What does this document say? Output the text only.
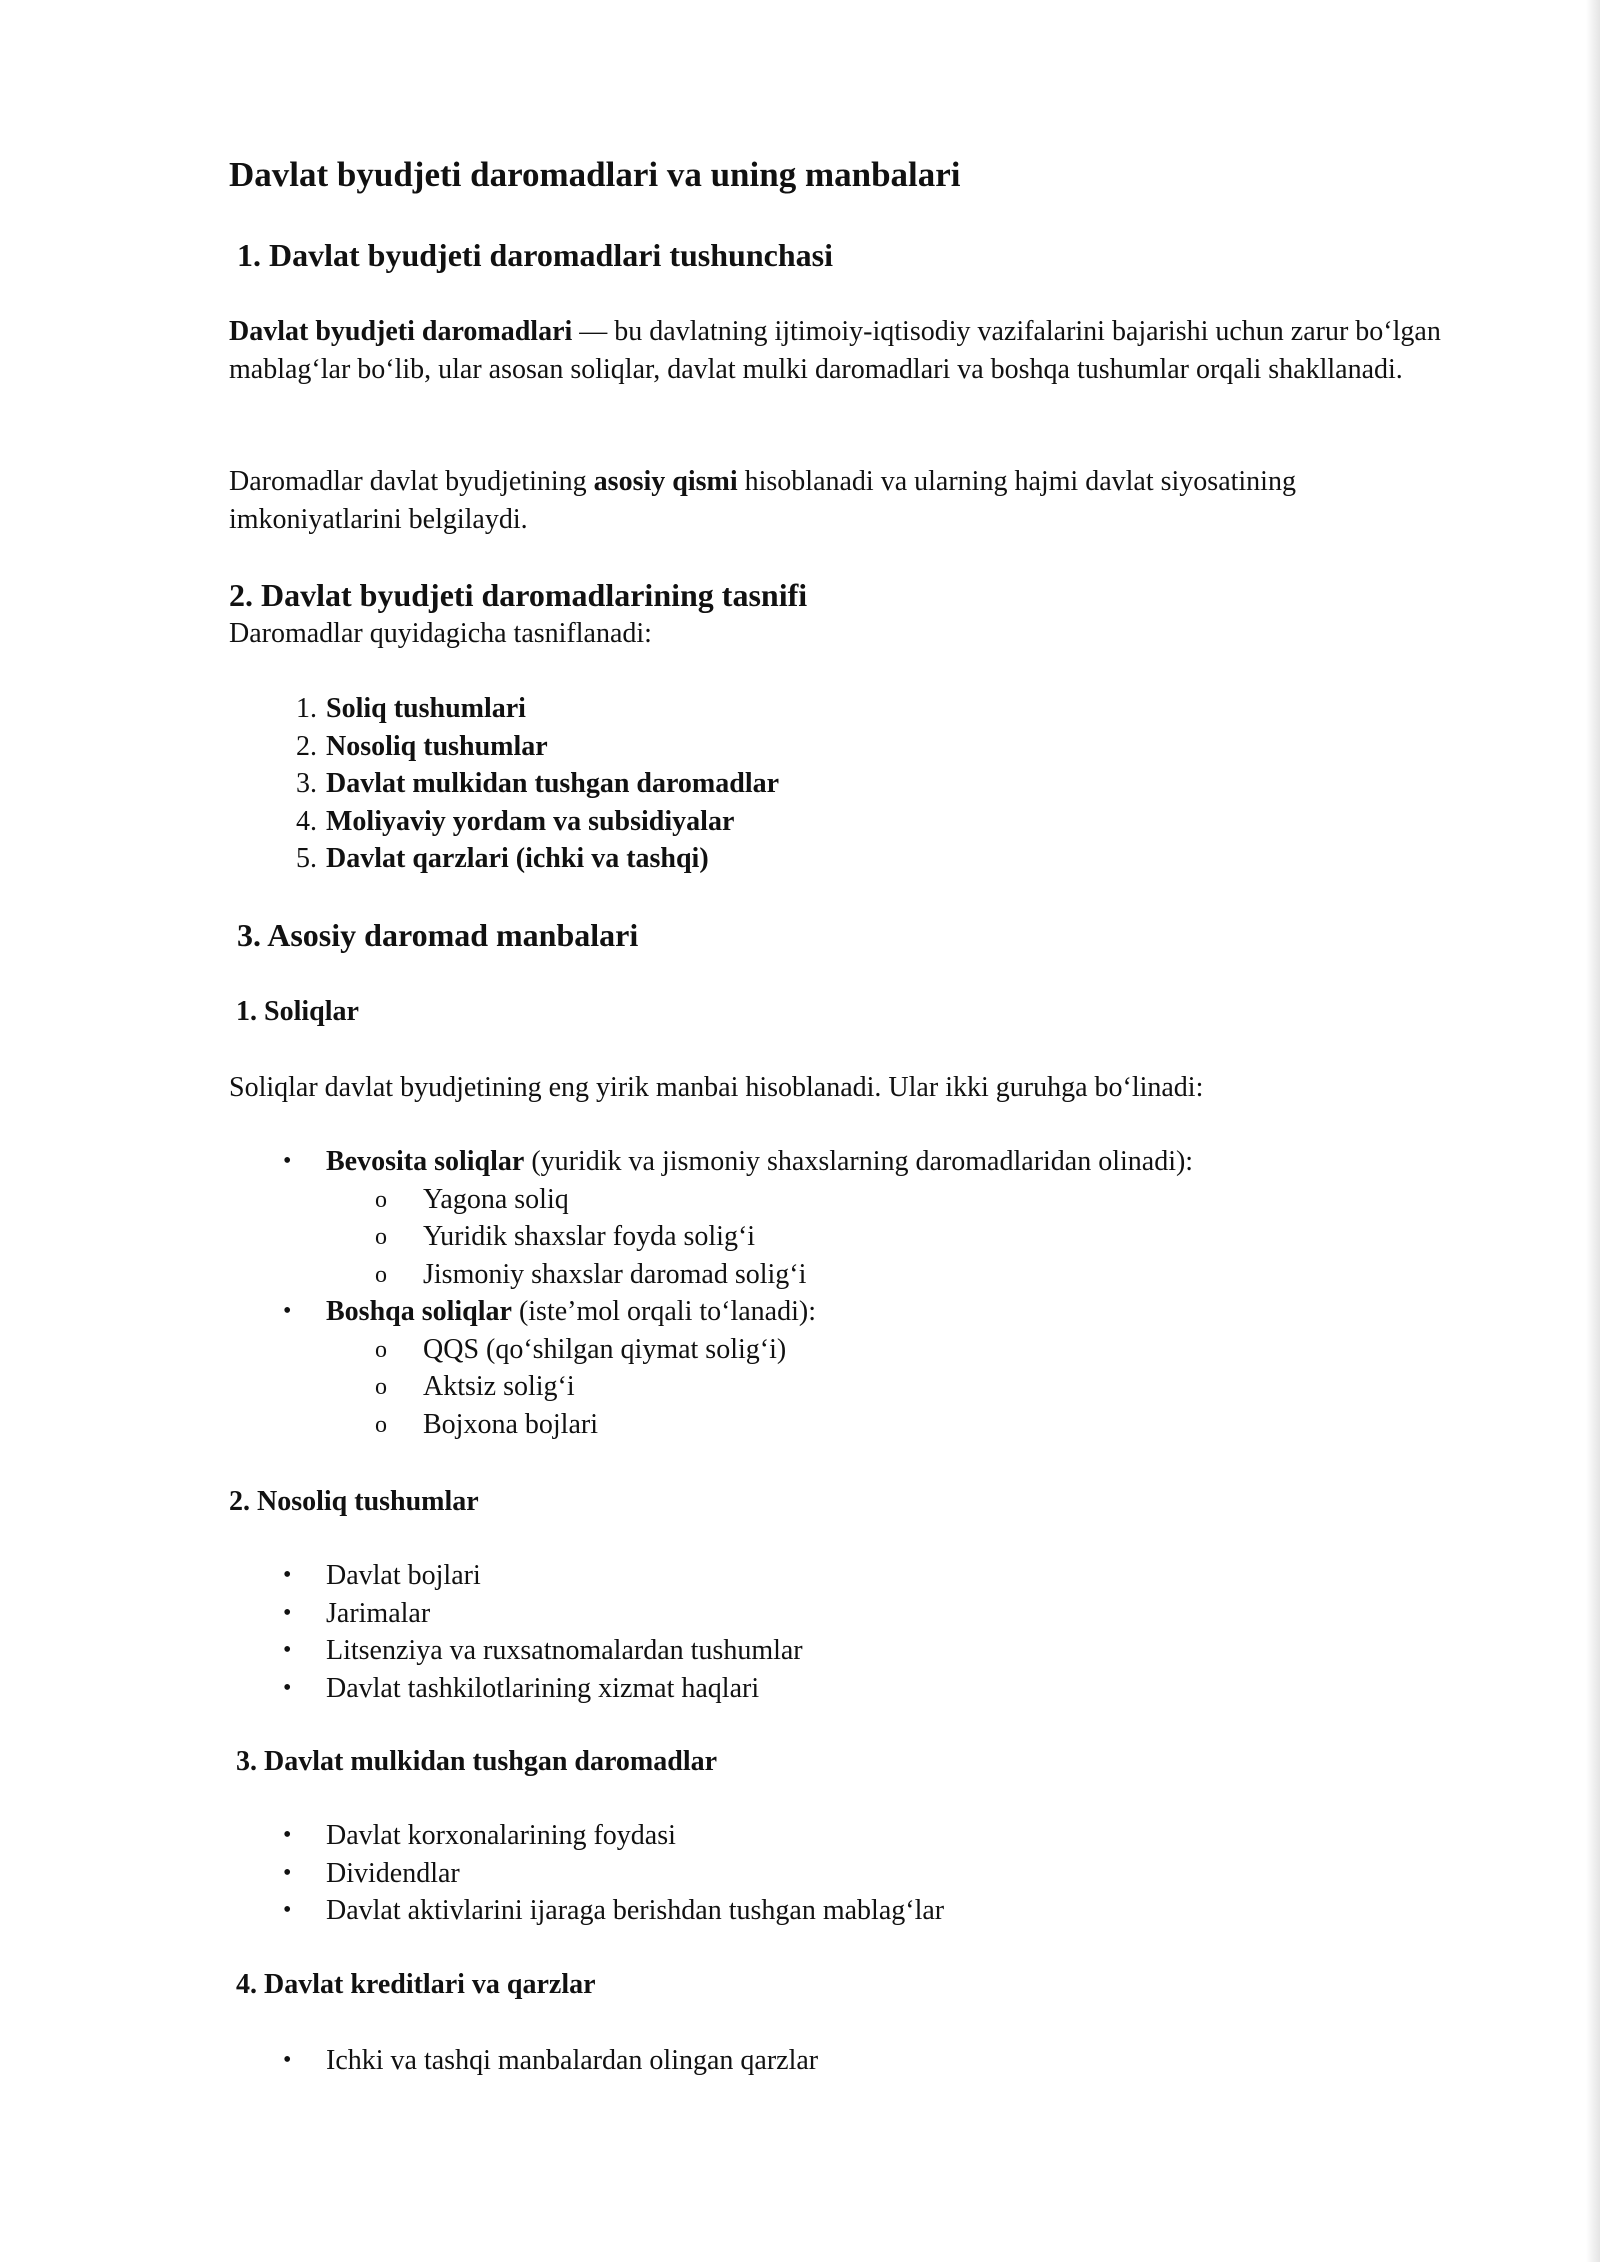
Davlat byudjeti daromadlari va uning manbalari
1. Davlat byudjeti daromadlari tushunchasi
Davlat byudjeti daromadlari — bu davlatning ijtimoiy-iqtisodiy vazifalarini bajarishi uchun zarur bo‘lgan mablag‘lar bo‘lib, ular asosan soliqlar, davlat mulki daromadlari va boshqa tushumlar orqali shakllanadi.
Daromadlar davlat byudjetining asosiy qismi hisoblanadi va ularning hajmi davlat siyosatining imkoniyatlarini belgilaydi.
2. Davlat byudjeti daromadlarining tasnifi
Daromadlar quyidagicha tasniflanadi:
1. Soliq tushumlari
2. Nosoliq tushumlar
3. Davlat mulkidan tushgan daromadlar
4. Moliyaviy yordam va subsidiyalar
5. Davlat qarzlari (ichki va tashqi)
3. Asosiy daromad manbalari
1. Soliqlar
Soliqlar davlat byudjetining eng yirik manbai hisoblanadi. Ular ikki guruhga bo‘linadi:
• Bevosita soliqlar (yuridik va jismoniy shaxslarning daromadlaridan olinadi):
o Yagona soliq
o Yuridik shaxslar foyda solig‘i
o Jismoniy shaxslar daromad solig‘i
• Boshqa soliqlar (iste’mol orqali to‘lanadi):
o QQS (qo‘shilgan qiymat solig‘i)
o Aktsiz solig‘i
o Bojxona bojlari
2. Nosoliq tushumlar
• Davlat bojlari
• Jarimalar
• Litsenziya va ruxsatnomalardan tushumlar
• Davlat tashkilotlarining xizmat haqlari
3. Davlat mulkidan tushgan daromadlar
• Davlat korxonalarining foydasi
• Dividendlar
• Davlat aktivlarini ijaraga berishdan tushgan mablag‘lar
4. Davlat kreditlari va qarzlar
• Ichki va tashqi manbalardan olingan qarzlar
